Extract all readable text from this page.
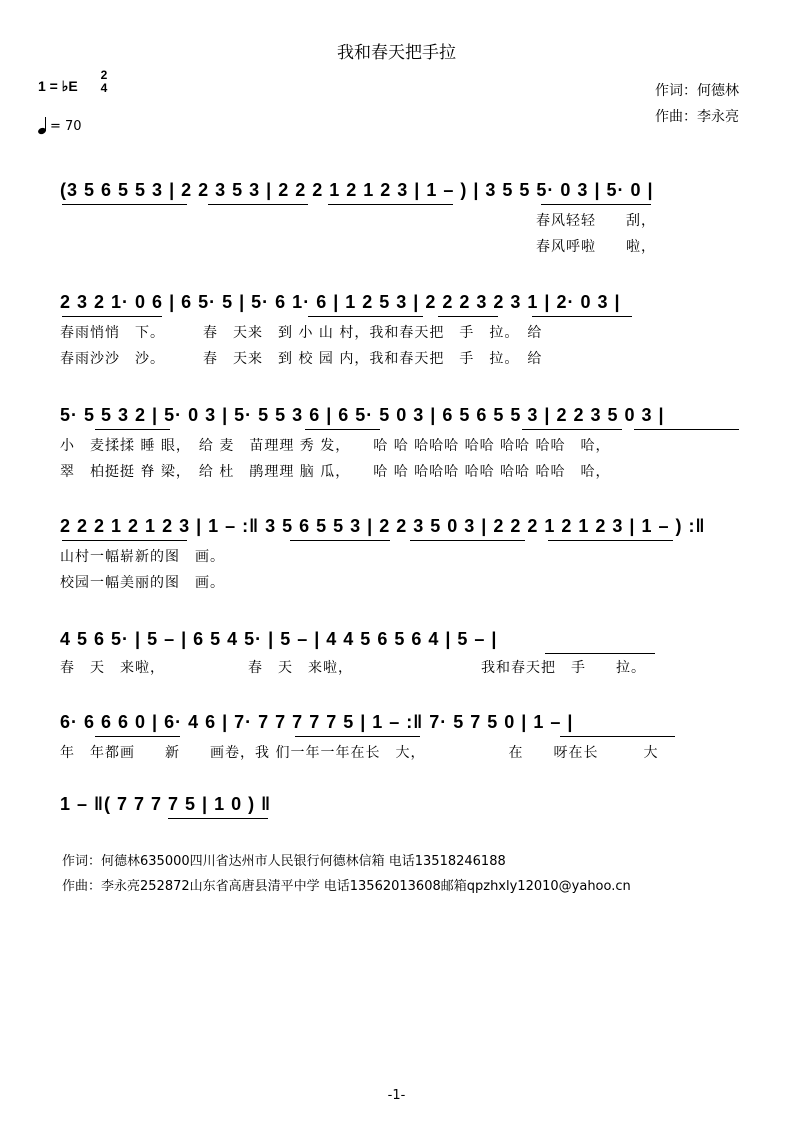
我和春天把手拉
1 = ♭E
2
4
= 70
作词：何德林
作曲：李永亮
(3 5 6 5 5 3 | 2 2 3 5 3 | 2 2 2 1 2 1 2 3 | 1 – ) | 3 5 5 5· 0 3 | 5· 0 |
春风轻轻　　刮，
春风呼啦　　啦，
2 3 2 1· 0 6 | 6 5· 5 | 5· 6 1· 6 | 1 2 5 3 | 2 2 2 3 2 3 1 | 2· 0 3 |
春雨悄悄　下。　　　春　天来　到 小 山 村，我和春天把　手　拉。　给
春雨沙沙　沙。　　　春　天来　到 校 园 内，我和春天把　手　拉。　给
5· 5 5 3 2 | 5· 0 3 | 5· 5 5 3 6 | 6 5· 5 0 3 | 6 5 6 5 5 3 | 2 2 3 5 0 3 |
小　麦揉揉 睡 眼，　给 麦　苗理理 秀 发，　　哈 哈 哈哈哈 哈哈 哈哈 哈哈　哈，
翠　柏挺挺 脊 梁，　给 杜　鹃理理 脑 瓜，　　哈 哈 哈哈哈 哈哈 哈哈 哈哈　哈，
2 2 2 1 2 1 2 3 | 1 – :‖ 3 5 6 5 5 3 | 2 2 3 5 0 3 | 2 2 2 1 2 1 2 3 | 1 – ) :‖
山村一幅崭新的图　画。
校园一幅美丽的图　画。
4 5 6 5· | 5 – | 6 5 4 5· | 5 – | 4 4 5 6 5 6 4 | 5 – |
春　天　来啦，　　　　　　春　天　来啦，　　　　　　　　　我和春天把　手　　拉。
6· 6 6 6 0 | 6· 4 6 | 7· 7 7 7 7 7 5 | 1 – :‖ 7· 5 7 5 0 | 1 – |
年　年都画　　新　　画卷，我 们一年一年在长　大，　　　　　　在　　呀在长　　　大
1 – ‖( 7 7 7 7 5 | 1 0 ) ‖
作词：何德林635000四川省达州市人民银行何德林信箱 电话13518246188
作曲：李永亮252872山东省高唐县清平中学 电话13562013608邮箱qpzhxly12010@yahoo.cn
-1-
